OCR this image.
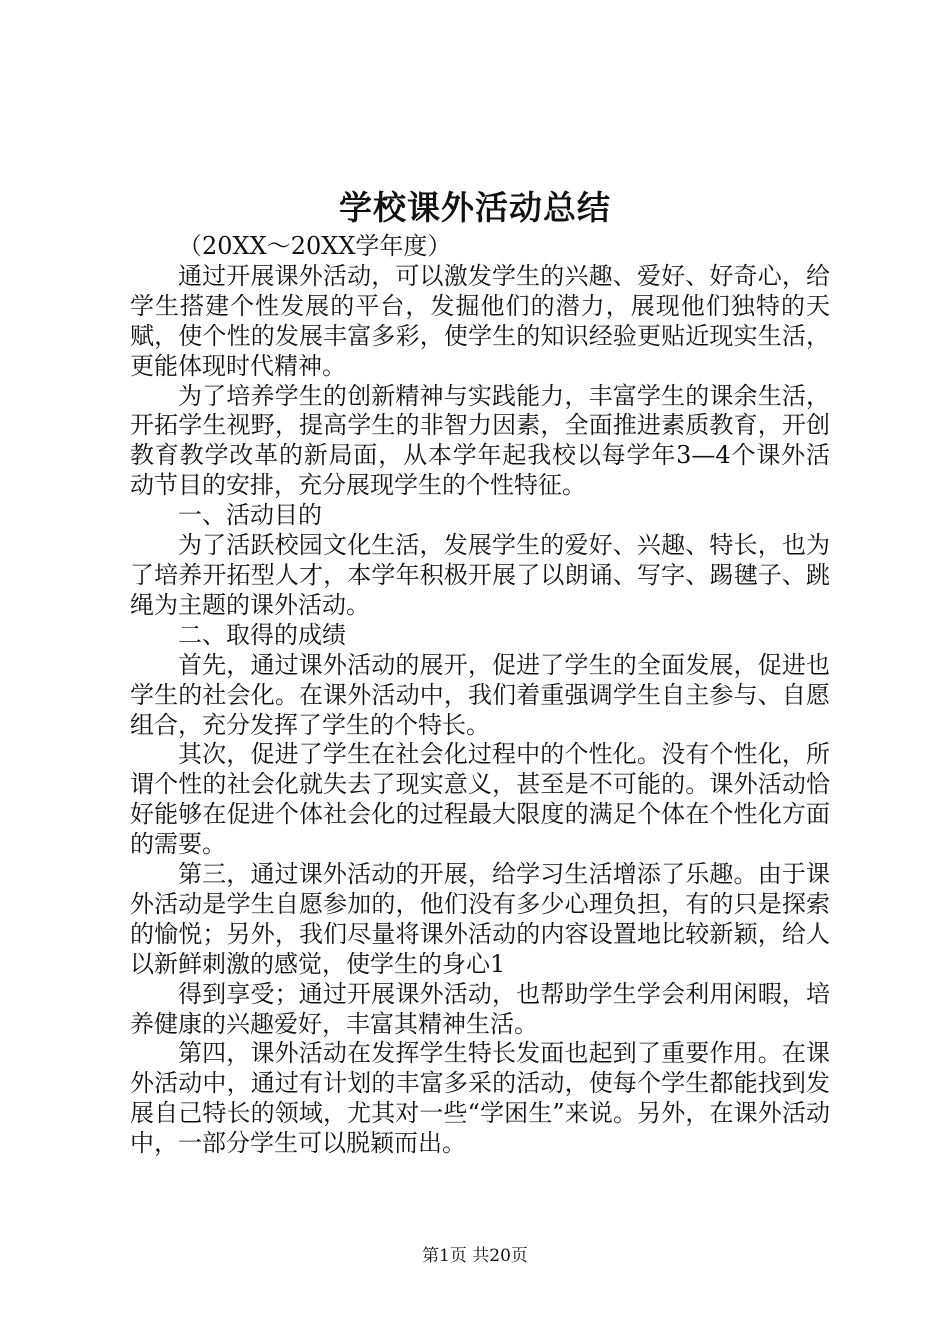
学校课外活动总结

（20XX～20XX学年度）

通过开展课外活动，可以激发学生的兴趣、爱好、好奇心，给学生搭建个性发展的平台，发掘他们的潜力，展现他们独特的天赋，使个性的发展丰富多彩，使学生的知识经验更贴近现实生活，更能体现时代精神。

为了培养学生的创新精神与实践能力，丰富学生的课余生活，开拓学生视野，提高学生的非智力因素，全面推进素质教育，开创教育教学改革的新局面，从本学年起我校以每学年3—4个课外活动节目的安排，充分展现学生的个性特征。

一、活动目的

为了活跃校园文化生活，发展学生的爱好、兴趣、特长，也为了培养开拓型人才，本学年积极开展了以朗诵、写字、踢毽子、跳绳为主题的课外活动。

二、取得的成绩

首先，通过课外活动的展开，促进了学生的全面发展，促进也学生的社会化。在课外活动中，我们着重强调学生自主参与、自愿组合，充分发挥了学生的个特长。

其次，促进了学生在社会化过程中的个性化。没有个性化，所谓个性的社会化就失去了现实意义，甚至是不可能的。课外活动恰好能够在促进个体社会化的过程最大限度的满足个体在个性化方面的需要。

第三，通过课外活动的开展，给学习生活增添了乐趣。由于课外活动是学生自愿参加的，他们没有多少心理负担，有的只是探索的愉悦；另外，我们尽量将课外活动的内容设置地比较新颖，给人以新鲜刺激的感觉，使学生的身心1

得到享受；通过开展课外活动，也帮助学生学会利用闲暇，培养健康的兴趣爱好，丰富其精神生活。

第四，课外活动在发挥学生特长发面也起到了重要作用。在课外活动中，通过有计划的丰富多采的活动，使每个学生都能找到发展自己特长的领域，尤其对一些“学困生”来说。另外，在课外活动中，一部分学生可以脱颖而出。

第1页 共20页
